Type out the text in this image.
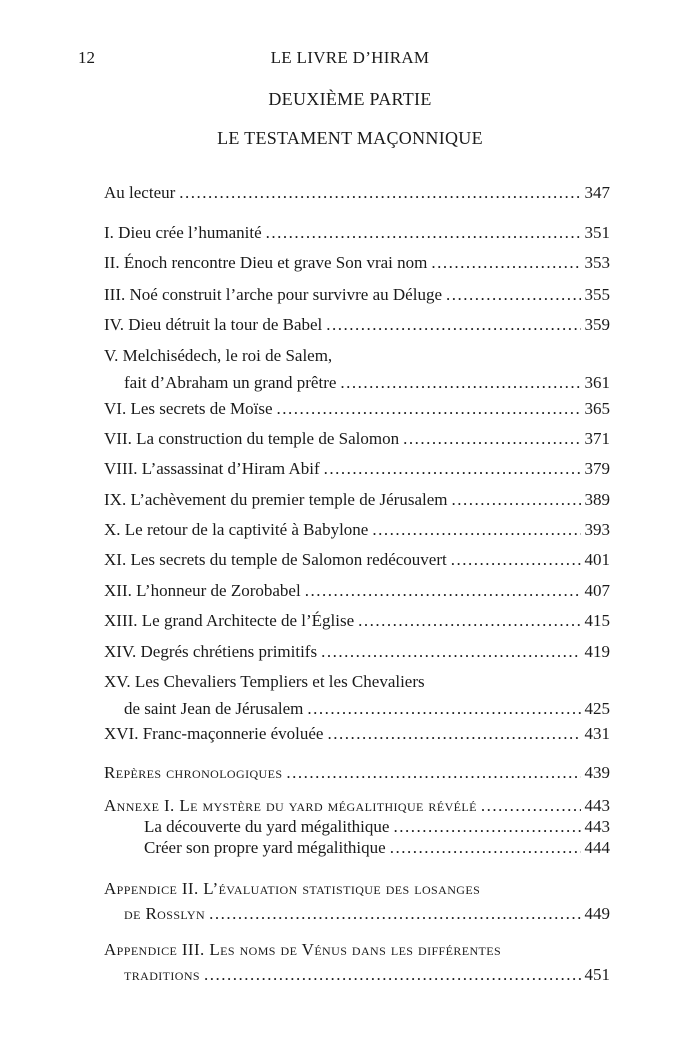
12	LE LIVRE D’HIRAM
DEUXIÈME PARTIE
LE TESTAMENT MAÇONNIQUE
Au lecteur .....	347
I. Dieu crée l’humanité .....	351
II. Énoch rencontre Dieu et grave Son vrai nom .....	353
III. Noé construit l’arche pour survivre au Déluge .....	355
IV. Dieu détruit la tour de Babel .....	359
V. Melchisédech, le roi de Salem,
fait d’Abraham un grand prêtre .....	361
VI. Les secrets de Moïse .....	365
VII. La construction du temple de Salomon .....	371
VIII. L’assassinat d’Hiram Abif .....	379
IX. L’achèvement du premier temple de Jérusalem .....	389
X. Le retour de la captivité à Babylone .....	393
XI. Les secrets du temple de Salomon redécouvert .....	401
XII. L’honneur de Zorobabel .....	407
XIII. Le grand Architecte de l’Église .....	415
XIV. Degrés chrétiens primitifs .....	419
XV. Les Chevaliers Templiers et les Chevaliers
de saint Jean de Jérusalem .....	425
XVI. Franc-maçonnerie évoluée .....	431
Repères chronologiques .....	439
Annexe I. Le mystère du yard mégalithique révélé .....	443
La découverte du yard mégalithique .....	443
Créer son propre yard mégalithique .....	444
Appendice II. L’évaluation statistique des losanges
de Rosslyn .....	449
Appendice III. Les noms de Vénus dans les différentes
traditions .....	451
